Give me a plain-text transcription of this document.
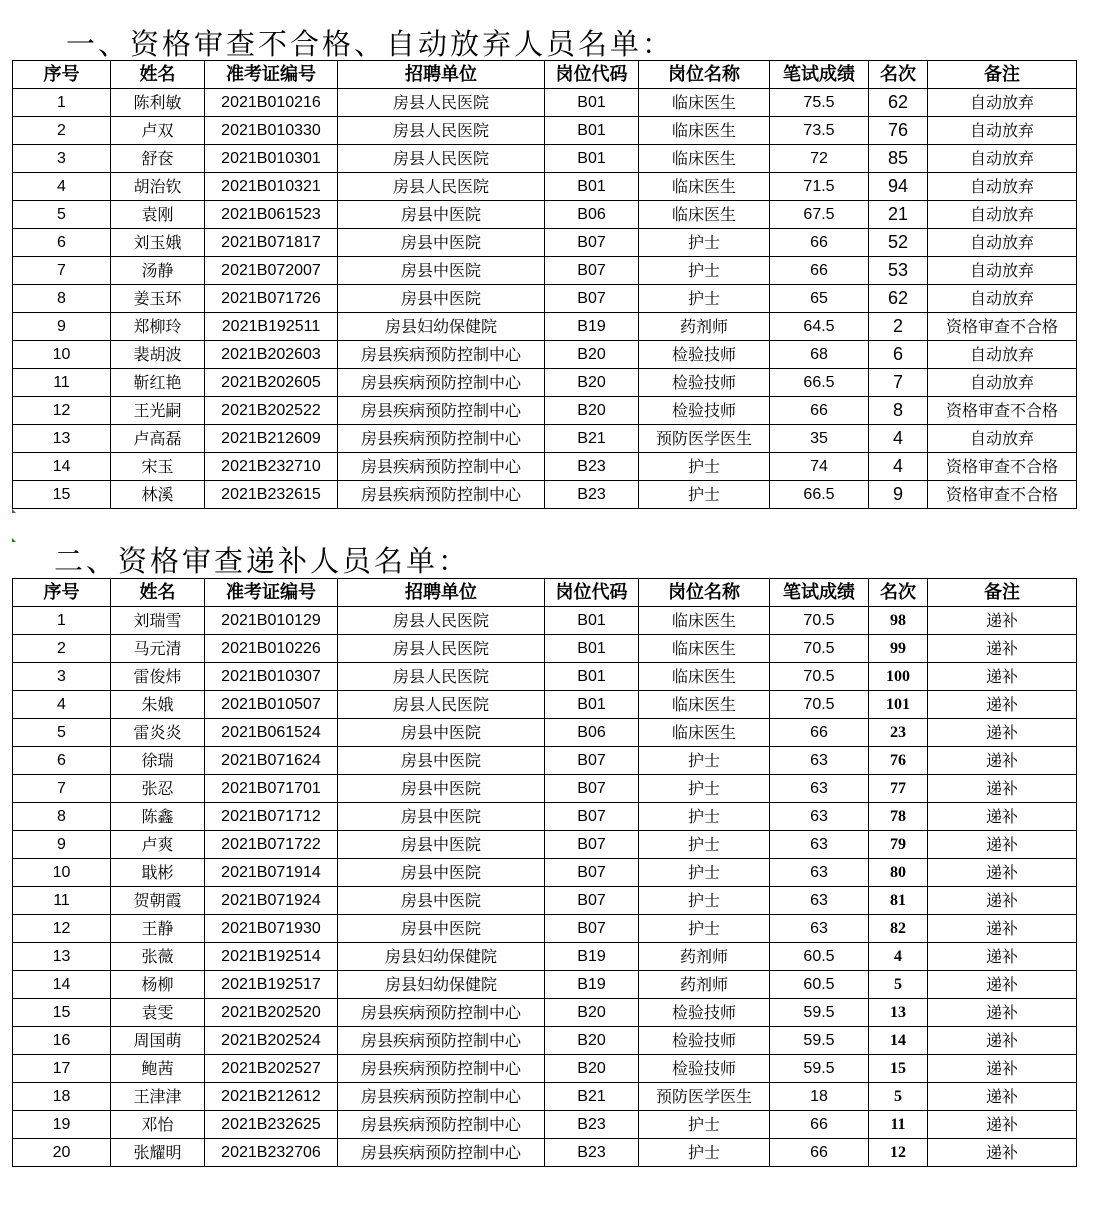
一、资格审查不合格、自动放弃人员名单：
序号	姓名	准考证编号	招聘单位	岗位代码	岗位名称	笔试成绩	名次	备注
1	陈利敏	2021B010216	房县人民医院	B01	临床医生	75.5	62	自动放弃
2	卢双	2021B010330	房县人民医院	B01	临床医生	73.5	76	自动放弃
3	舒奁	2021B010301	房县人民医院	B01	临床医生	72	85	自动放弃
4	胡治钦	2021B010321	房县人民医院	B01	临床医生	71.5	94	自动放弃
5	袁刚	2021B061523	房县中医院	B06	临床医生	67.5	21	自动放弃
6	刘玉娥	2021B071817	房县中医院	B07	护士	66	52	自动放弃
7	汤静	2021B072007	房县中医院	B07	护士	66	53	自动放弃
8	姜玉环	2021B071726	房县中医院	B07	护士	65	62	自动放弃
9	郑柳玲	2021B192511	房县妇幼保健院	B19	药剂师	64.5	2	资格审查不合格
10	裴胡波	2021B202603	房县疾病预防控制中心	B20	检验技师	68	6	自动放弃
11	靳红艳	2021B202605	房县疾病预防控制中心	B20	检验技师	66.5	7	自动放弃
12	王光嗣	2021B202522	房县疾病预防控制中心	B20	检验技师	66	8	资格审查不合格
13	卢高磊	2021B212609	房县疾病预防控制中心	B21	预防医学医生	35	4	自动放弃
14	宋玉	2021B232710	房县疾病预防控制中心	B23	护士	74	4	资格审查不合格
15	林溪	2021B232615	房县疾病预防控制中心	B23	护士	66.5	9	资格审查不合格
二、资格审查递补人员名单：
序号	姓名	准考证编号	招聘单位	岗位代码	岗位名称	笔试成绩	名次	备注
1	刘瑞雪	2021B010129	房县人民医院	B01	临床医生	70.5	98	递补
2	马元清	2021B010226	房县人民医院	B01	临床医生	70.5	99	递补
3	雷俊炜	2021B010307	房县人民医院	B01	临床医生	70.5	100	递补
4	朱娥	2021B010507	房县人民医院	B01	临床医生	70.5	101	递补
5	雷炎炎	2021B061524	房县中医院	B06	临床医生	66	23	递补
6	徐瑞	2021B071624	房县中医院	B07	护士	63	76	递补
7	张忍	2021B071701	房县中医院	B07	护士	63	77	递补
8	陈鑫	2021B071712	房县中医院	B07	护士	63	78	递补
9	卢爽	2021B071722	房县中医院	B07	护士	63	79	递补
10	戢彬	2021B071914	房县中医院	B07	护士	63	80	递补
11	贺朝霞	2021B071924	房县中医院	B07	护士	63	81	递补
12	王静	2021B071930	房县中医院	B07	护士	63	82	递补
13	张薇	2021B192514	房县妇幼保健院	B19	药剂师	60.5	4	递补
14	杨柳	2021B192517	房县妇幼保健院	B19	药剂师	60.5	5	递补
15	袁雯	2021B202520	房县疾病预防控制中心	B20	检验技师	59.5	13	递补
16	周国萌	2021B202524	房县疾病预防控制中心	B20	检验技师	59.5	14	递补
17	鲍茜	2021B202527	房县疾病预防控制中心	B20	检验技师	59.5	15	递补
18	王津津	2021B212612	房县疾病预防控制中心	B21	预防医学医生	18	5	递补
19	邓怡	2021B232625	房县疾病预防控制中心	B23	护士	66	11	递补
20	张耀明	2021B232706	房县疾病预防控制中心	B23	护士	66	12	递补
